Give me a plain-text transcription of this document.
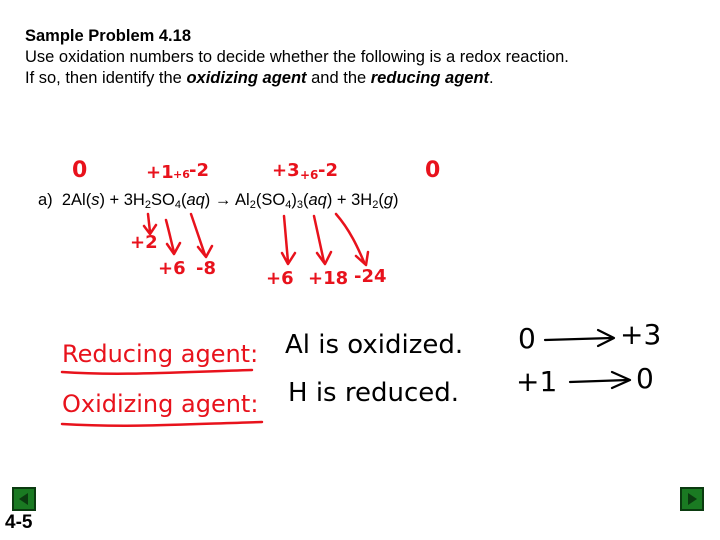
Sample Problem 4.18
Use oxidation numbers to decide whether the following is a redox reaction.
If so, then identify the oxidizing agent and the reducing agent.
a) $2Al(s) + 3H_2SO_4(aq) \to Al_2(SO_4)_3(aq) + 3H_2(g)$
0	+1 +6 -2	+3 +6 -2	0
+2
+6 -8	+6 +18 -24
Reducing agent:
Oxidizing agent:
Al is oxidized.
H is reduced.
0	+3
+1	0
4-5
